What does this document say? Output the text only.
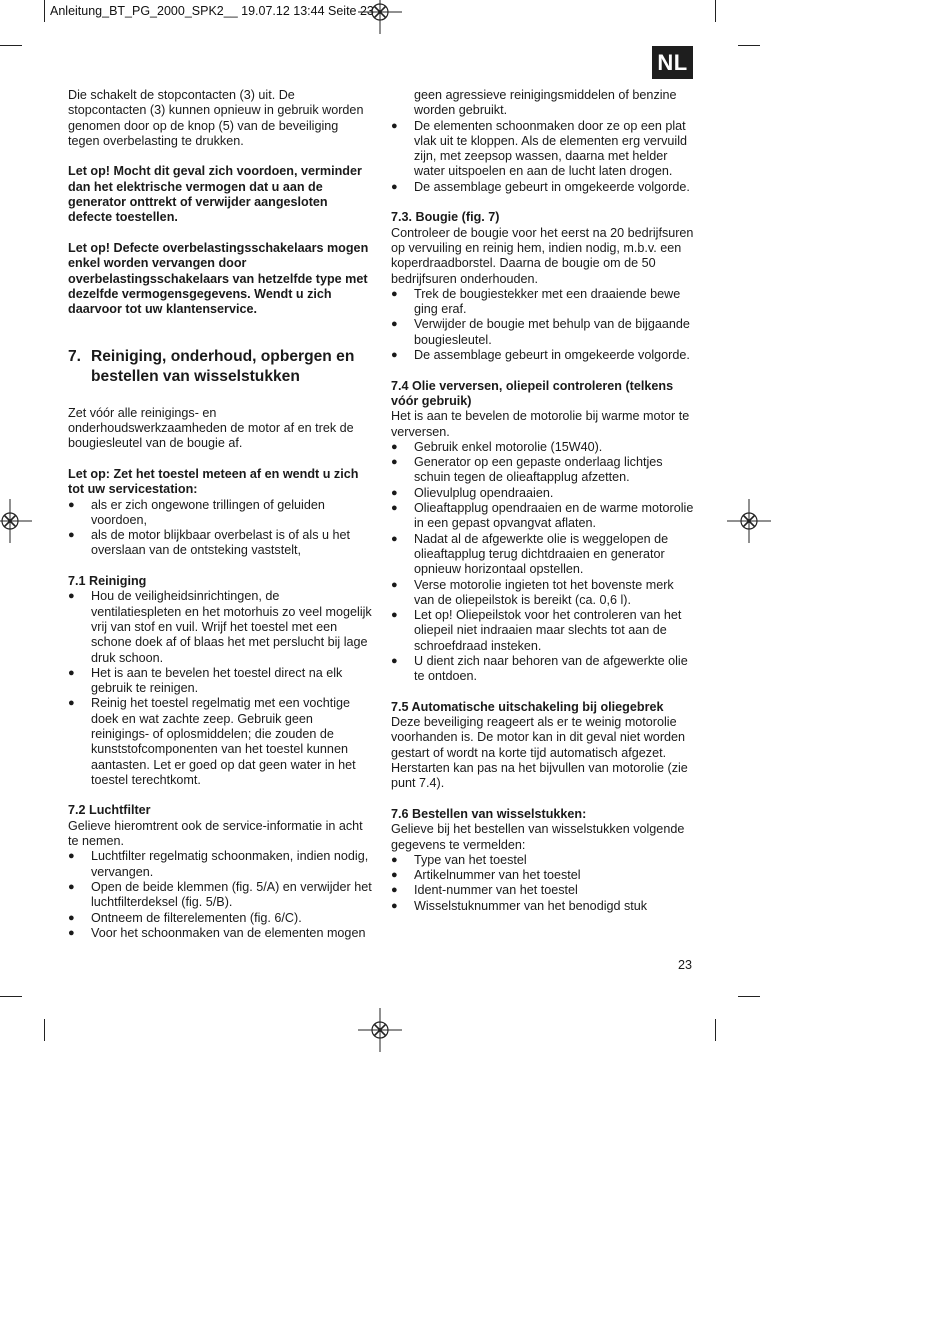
Anleitung_BT_PG_2000_SPK2__ 19.07.12 13:44 Seite 23
NL

Die schakelt de stopcontacten (3) uit. De stopcontacten (3) kunnen opnieuw in gebruik worden genomen door op de knop (5) van de beveiliging tegen overbelasting te drukken.

Let op! Mocht dit geval zich voordoen, verminder dan het elektrische vermogen dat u aan de generator onttrekt of verwijder aangesloten defecte toestellen.

Let op! Defecte overbelastingsschakelaars mogen enkel worden vervangen door overbelastingsschakelaars van hetzelfde type met dezelfde vermogensgegevens. Wendt u zich daarvoor tot uw klantenservice.

7. Reiniging, onderhoud, opbergen en bestellen van wisselstukken

Zet vóór alle reinigings- en onderhoudswerkzaamheden de motor af en trek de bougiesleutel van de bougie af.

Let op: Zet het toestel meteen af en wendt u zich tot uw servicestation:

● als er zich ongewone trillingen of geluiden voordoen,
● als de motor blijkbaar overbelast is of als u het overslaan van de ontsteking vaststelt,

7.1 Reiniging

● Hou de veiligheidsinrichtingen, de ventilatiespleten en het motorhuis zo veel mogelijk vrij van stof en vuil. Wrijf het toestel met een schone doek af of blaas het met perslucht bij lage druk schoon.
● Het is aan te bevelen het toestel direct na elk gebruik te reinigen.
● Reinig het toestel regelmatig met een vochtige doek en wat zachte zeep. Gebruik geen reinigings- of oplosmiddelen; die zouden de kunststofcomponenten van het toestel kunnen aantasten. Let er goed op dat geen water in het toestel terechtkomt.

7.2 Luchtfilter

Gelieve hieromtrent ook de service-informatie in acht te nemen.

● Luchtfilter regelmatig schoonmaken, indien nodig, vervangen.
● Open de beide klemmen (fig. 5/A) en verwijder het luchtfilterdeksel (fig. 5/B).
● Ontneem de filterelementen (fig. 6/C).
● Voor het schoonmaken van de elementen mogen

geen agressieve reinigingsmiddelen of benzine worden gebruikt.

● De elementen schoonmaken door ze op een plat vlak uit te kloppen. Als de elementen erg vervuild zijn, met zeepsop wassen, daarna met helder water uitspoelen en aan de lucht laten drogen.
● De assemblage gebeurt in omgekeerde volgorde.

7.3. Bougie (fig. 7)

Controleer de bougie voor het eerst na 20 bedrijfsuren op vervuiling en reinig hem, indien nodig, m.b.v. een koperdraadborstel. Daarna de bougie om de 50 bedrijfsuren onderhouden.

● Trek de bougiestekker met een draaiende bewe ging eraf.
● Verwijder de bougie met behulp van de bijgaande bougiesleutel.
● De assemblage gebeurt in omgekeerde volgorde.

7.4 Olie verversen, oliepeil controleren (telkens vóór gebruik)

Het is aan te bevelen de motorolie bij warme motor te verversen.

● Gebruik enkel motorolie (15W40).
● Generator op een gepaste onderlaag lichtjes schuin tegen de olieaftapplug afzetten.
● Olievulplug opendraaien.
● Olieaftapplug opendraaien en de warme motorolie in een gepast opvangvat aflaten.
● Nadat al de afgewerkte olie is weggelopen de olieaftapplug terug dichtdraaien en generator opnieuw horizontaal opstellen.
● Verse motorolie ingieten tot het bovenste merk van de oliepeilstok is bereikt (ca. 0,6 l).
● Let op! Oliepeilstok voor het controleren van het oliepeil niet indraaien maar slechts tot aan de schroefdraad insteken.
● U dient zich naar behoren van de afgewerkte olie te ontdoen.

7.5 Automatische uitschakeling bij oliegebrek

Deze beveiliging reageert als er te weinig motorolie voorhanden is. De motor kan in dit geval niet worden gestart of wordt na korte tijd automatisch afgezet. Herstarten kan pas na het bijvullen van motorolie (zie punt 7.4).

7.6 Bestellen van wisselstukken:

Gelieve bij het bestellen van wisselstukken volgende gegevens te vermelden:

● Type van het toestel
● Artikelnummer van het toestel
● Ident-nummer van het toestel
● Wisselstuknummer van het benodigd stuk
23
